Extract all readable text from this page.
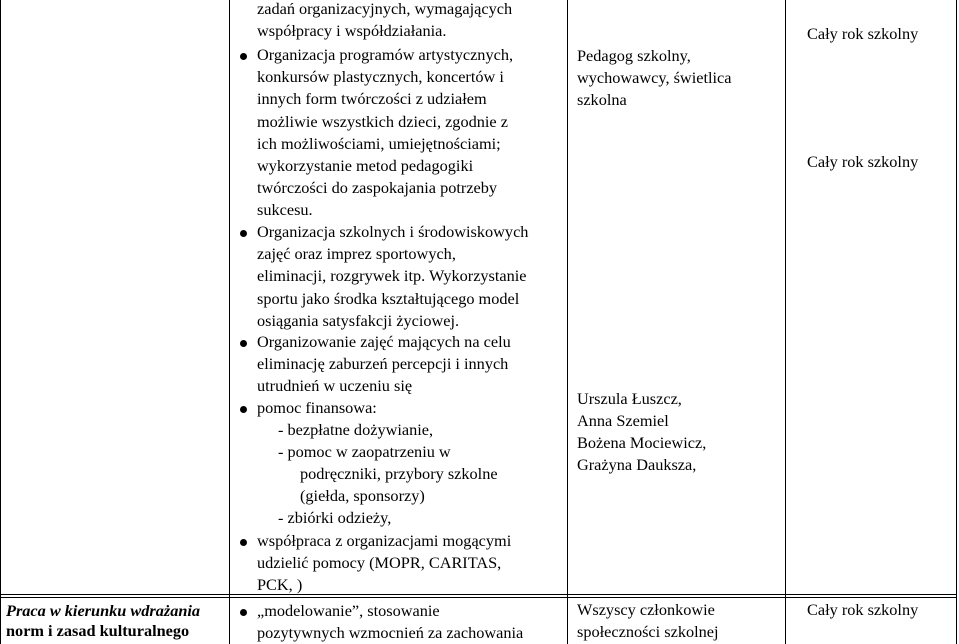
zadań organizacyjnych, wymagających
współpracy i współdziałania.
Organizacja programów artystycznych,
konkursów plastycznych, koncertów i
innych form twórczości z udziałem
możliwie wszystkich dzieci, zgodnie z
ich możliwościami, umiejętnościami;
wykorzystanie metod pedagogiki
twórczości do zaspokajania potrzeby
sukcesu.
Organizacja szkolnych i środowiskowych
zajęć oraz imprez sportowych,
eliminacji, rozgrywek itp. Wykorzystanie
sportu jako środka kształtującego model
osiągania satysfakcji życiowej.
Organizowanie zajęć mających na celu
eliminację zaburzeń percepcji i innych
utrudnień w uczeniu się
pomoc finansowa:
- bezpłatne dożywianie,
- pomoc w zaopatrzeniu w
podręczniki, przybory szkolne
(giełda, sponsorzy)
- zbiórki odzieży,
współpraca z organizacjami mogącymi
udzielić pomocy (MOPR, CARITAS,
PCK, )
Pedagog szkolny,
wychowawcy, świetlica
szkolna
Urszula Łuszcz,
Anna Szemiel
Bożena Mociewicz,
Grażyna Dauksza,
Cały rok szkolny
Cały rok szkolny
Praca w kierunku wdrażania
norm i zasad kulturalnego
„modelowanie”, stosowanie
pozytywnych wzmocnień za zachowania
Wszyscy członkowie
społeczności szkolnej
Cały rok szkolny
